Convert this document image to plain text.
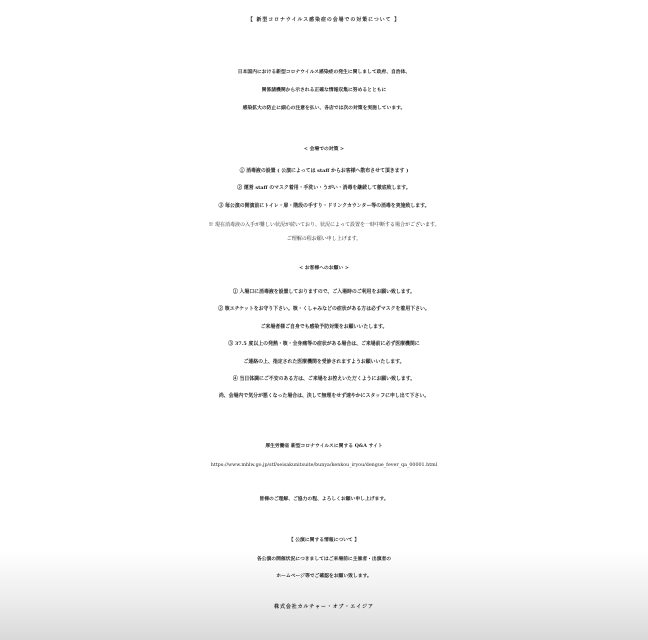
【 新型コロナウイルス感染症の会場での対策について 】
日本国内における新型コロナウイルス感染症の発生に関しまして政府、自治体、
関係諸機関から示される正確な情報収集に努めるとともに
感染拡大の防止に細心の注意を払い、各店では次の対策を実施しています。
< 会場での対策 >
① 消毒液の設置 ( 公演によっては staff からお客様へ散布させて頂きます )
② 運営 staff のマスク着用・手洗い・うがい・消毒を継続して徹底致します。
③ 毎公演の開演前にトイレ・扉・階段の手すり・ドリンクカウンター等の消毒を実施致します。
※ 現在消毒液の入手が難しい状況が続いており、状況によって設置を一時中断する場合がございます。
ご理解の程お願い申し上げます。
< お客様へのお願い >
① 入場口に消毒液を設置しておりますので、ご入場時のご利用をお願い致します。
② 咳エチケットをお守り下さい。咳・くしゃみなどの症状がある方は必ずマスクを着用下さい。
ご来場者様ご自身でも感染予防対策をお願いいたします。
③ 37.5 度以上の発熱・咳・全身痛等の症状がある場合は、ご来場前に必ず医療機関に
ご連絡の上、指定された医療機関を受診されますようお願いいたします。
④ 当日体調にご不安のある方は、ご来場をお控えいただくようにお願い致します。
尚、会場内で気分が悪くなった場合は、決して無理をせず速やかにスタッフに申し出て下さい。
厚生労働省 新型コロナウイルスに関する Q&A サイト
https://www.mhlw.go.jp/stf/seisakunitsuite/bunya/kenkou_iryou/dengue_fever_qa_00001.html
皆様のご理解、ご協力の程、よろしくお願い申し上げます。
【 公演に関する情報について 】
各公演の開催状況につきましてはご来場前に主催者・出演者の
ホームページ等でご確認をお願い致します。
株式会社カルチャー・オブ・エイジア
